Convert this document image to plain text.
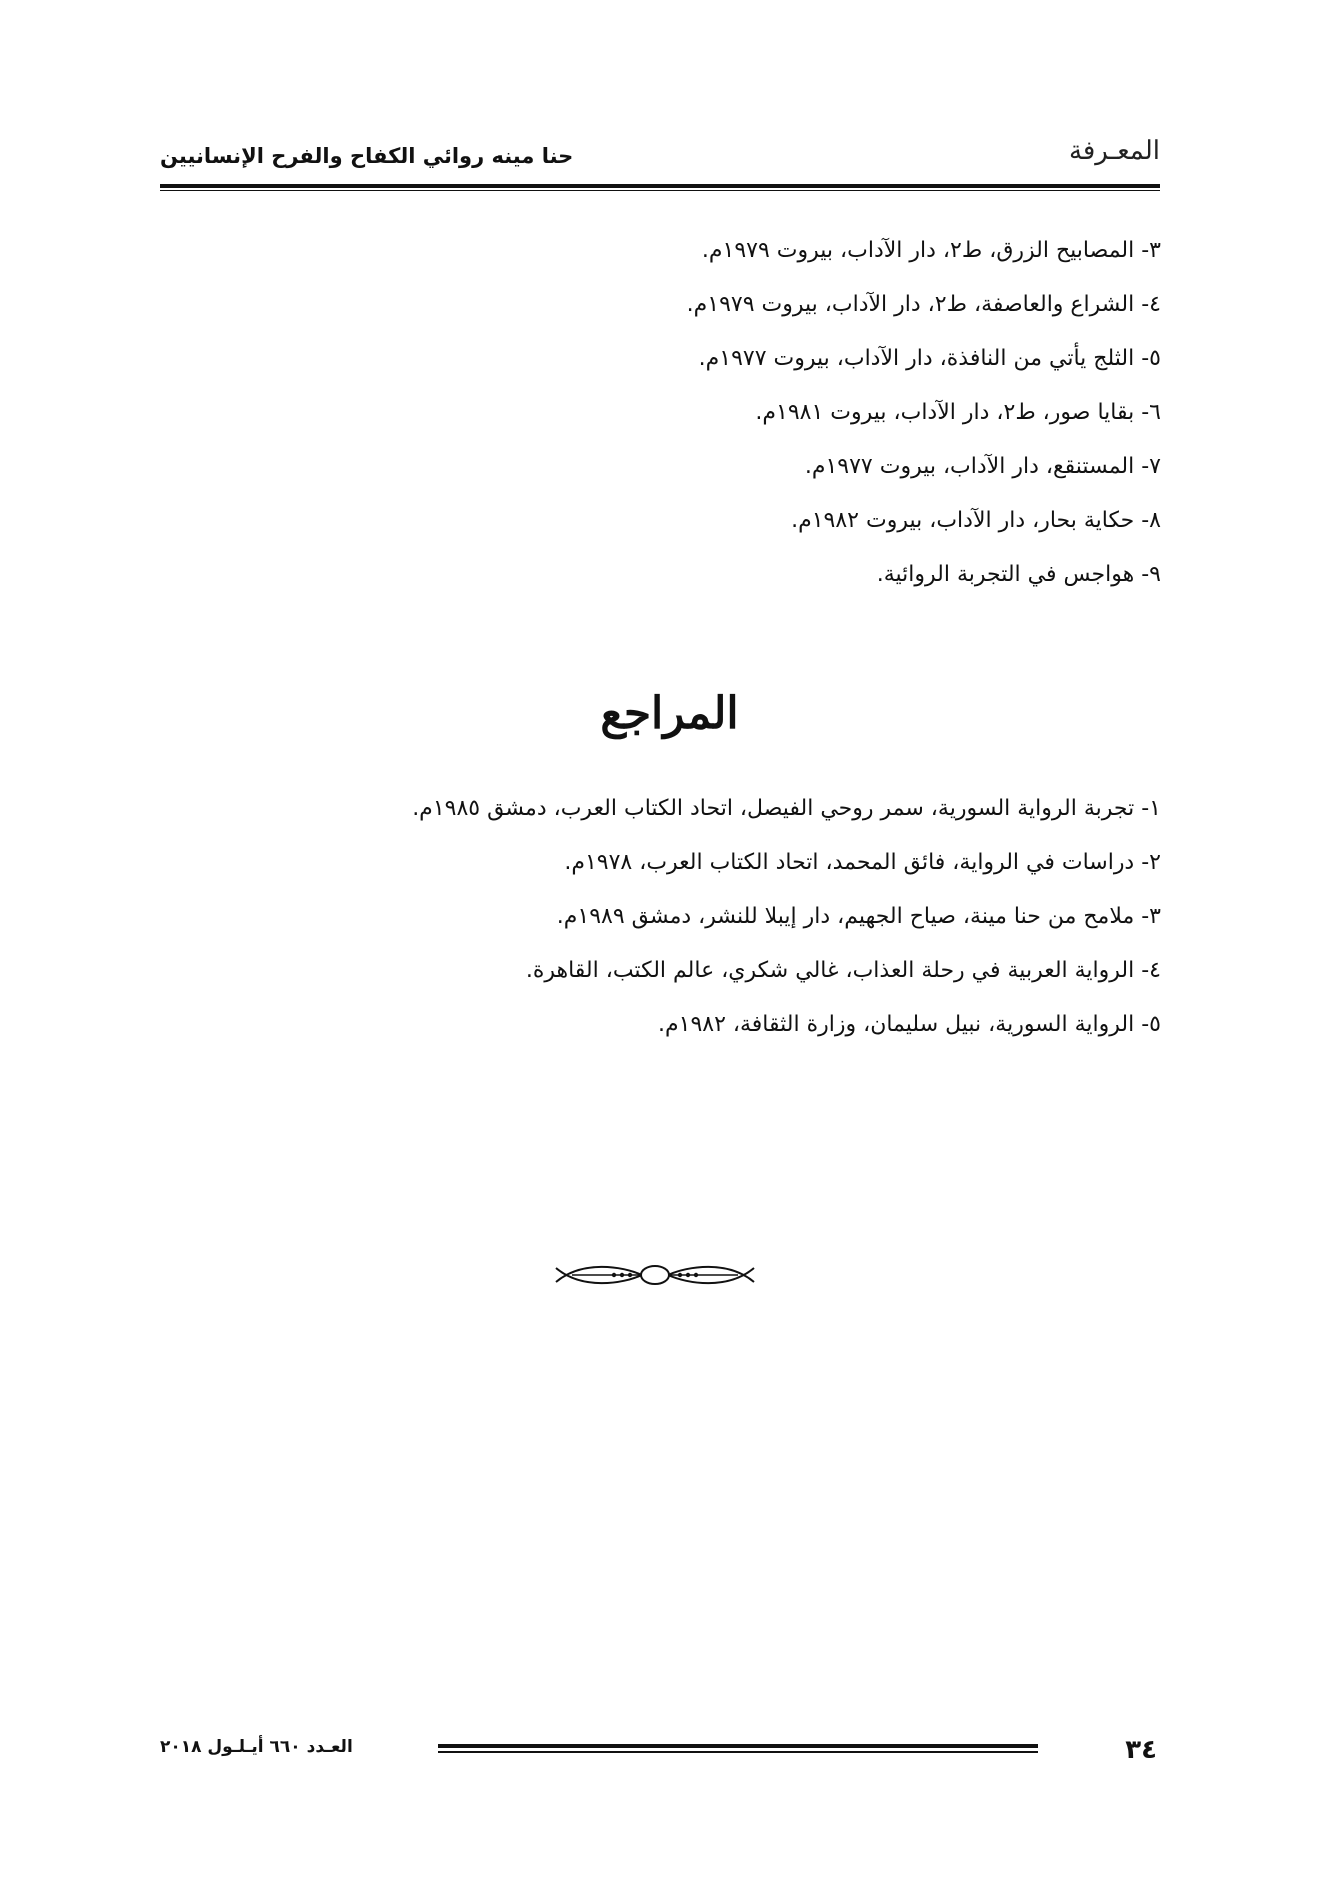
حنا مينه روائي الكفاح والفرح الإنسانيين	المعـرفة
٣- المصابيح الزرق، ط٢، دار الآداب، بيروت ١٩٧٩م.
٤- الشراع والعاصفة، ط٢، دار الآداب، بيروت ١٩٧٩م.
٥- الثلج يأتي من النافذة، دار الآداب، بيروت ١٩٧٧م.
٦- بقايا صور، ط٢، دار الآداب، بيروت ١٩٨١م.
٧- المستنقع، دار الآداب، بيروت ١٩٧٧م.
٨- حكاية بحار، دار الآداب، بيروت ١٩٨٢م.
٩- هواجس في التجربة الروائية.
المراجع
١- تجربة الرواية السورية، سمر روحي الفيصل، اتحاد الكتاب العرب، دمشق ١٩٨٥م.
٢- دراسات في الرواية، فائق المحمد، اتحاد الكتاب العرب، ١٩٧٨م.
٣- ملامح من حنا مينة، صياح الجهيم، دار إيبلا للنشر، دمشق ١٩٨٩م.
٤- الرواية العربية في رحلة العذاب، غالي شكري، عالم الكتب، القاهرة.
٥- الرواية السورية، نبيل سليمان، وزارة الثقافة، ١٩٨٢م.
٣٤
العـدد ٦٦٠ أيـلـول ٢٠١٨
